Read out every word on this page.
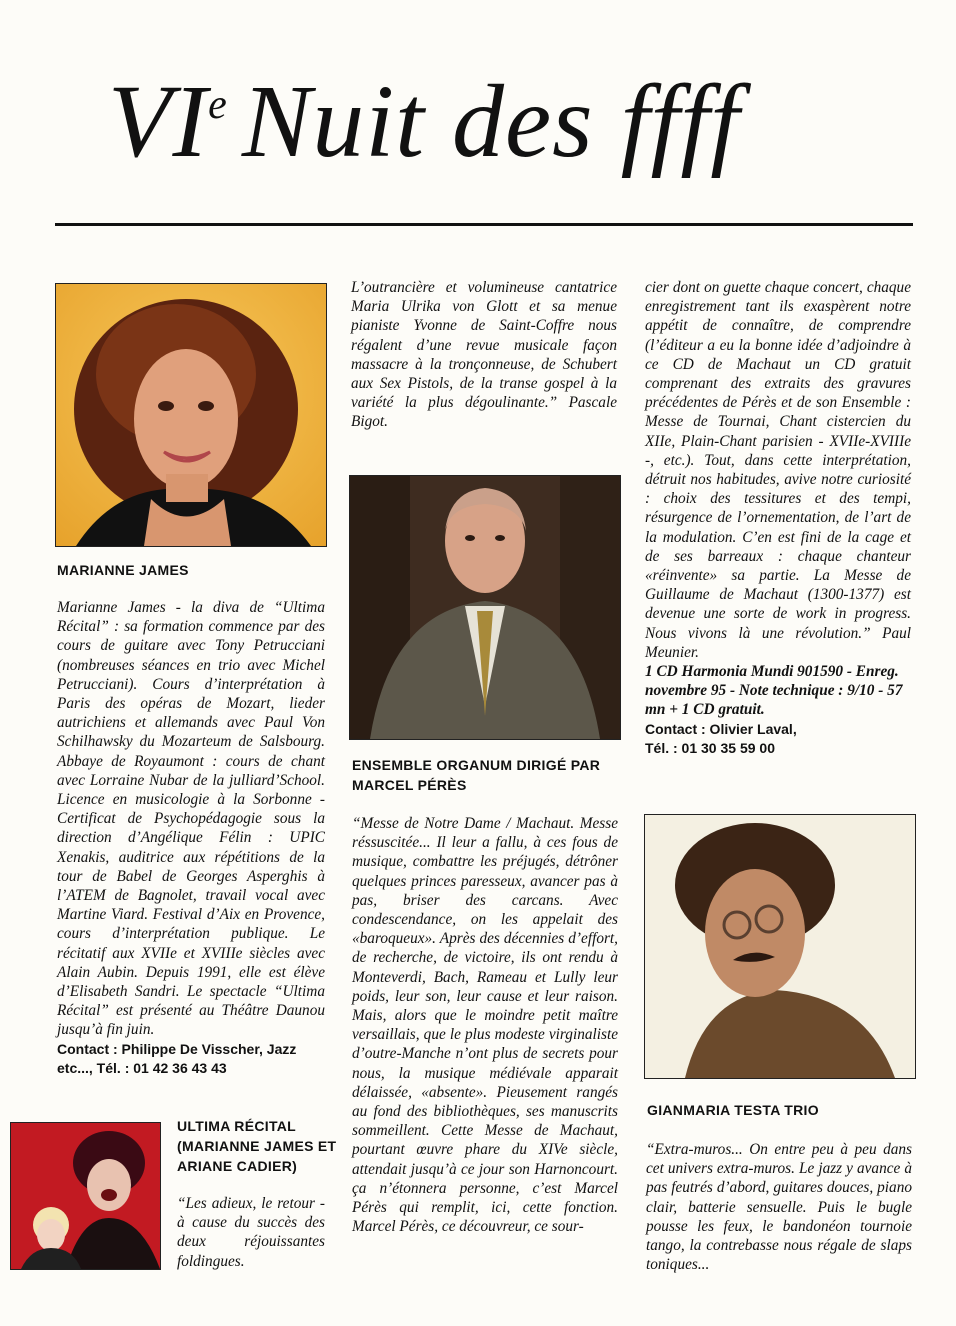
VIe Nuit des ffff
MARIANNE JAMES
Marianne James - la diva de “Ultima Récital” : sa formation commence par des cours de guitare avec Tony Petrucciani (nombreuses séances en trio avec Michel Petrucciani). Cours d’interprétation à Paris des opéras de Mozart, lieder autrichiens et allemands avec Paul Von Schilhawsky du Mozarteum de Salsbourg. Abbaye de Royaumont : cours de chant avec Lorraine Nubar de la julliard’School. Licence en musicologie à la Sorbonne - Certificat de Psychopédagogie sous la direction d’Angélique Félin : UPIC Xenakis, auditrice aux répétitions de la tour de Babel de Georges Asperghis à l’ATEM de Bagnolet, travail vocal avec Martine Viard. Festival d’Aix en Provence, cours d’interprétation publique. Le récitatif aux XVIIe et XVIIIe siècles avec Alain Aubin. Depuis 1991, elle est élève d’Elisabeth Sandri. Le spectacle “Ultima Récital” est présenté au Théâtre Daunou jusqu’à fin juin.
Contact : Philippe De Visscher, Jazz etc..., Tél. : 01 42 36 43 43
ULTIMA RÉCITAL (MARIANNE JAMES ET ARIANE CADIER)
“Les adieux, le retour - à cause du succès des deux réjouissantes foldingues.
L’outrancière et volumineuse cantatrice Maria Ulrika von Glott et sa menue pianiste Yvonne de Saint-Coffre nous régalent d’une revue musicale façon massacre à la tronçonneuse, de Schubert aux Sex Pistols, de la transe gospel à la variété la plus dégoulinante.” Pascale Bigot.
ENSEMBLE ORGANUM DIRIGÉ PAR MARCEL PÉRÈS
“Messe de Notre Dame / Machaut. Messe réssuscitée... Il leur a fallu, à ces fous de musique, combattre les préjugés, détrôner quelques princes paresseux, avancer pas à pas, briser des carcans. Avec condescendance, on les appelait des «baroqueux». Après des décennies d’effort, de recherche, de victoire, ils ont rendu à Monteverdi, Bach, Rameau et Lully leur poids, leur son, leur cause et leur raison. Mais, alors que le moindre petit maître versaillais, que le plus modeste virginaliste d’outre-Manche n’ont plus de secrets pour nous, la musique médiévale apparait délaissée, «absente». Pieusement rangés au fond des bibliothèques, ses manuscrits sommeillent. Cette Messe de Machaut, pourtant œuvre phare du XIVe siècle, attendait jusqu’à ce jour son Harnoncourt. ça n’étonnera personne, c’est Marcel Pérès qui remplit, ici, cette fonction. Marcel Pérès, ce découvreur, ce sour-
cier dont on guette chaque concert, chaque enregistrement tant ils exaspèrent notre appétit de connaître, de comprendre (l’éditeur a eu la bonne idée d’adjoindre à ce CD de Machaut un CD gratuit comprenant des extraits des gravures précédentes de Pérès et de son Ensemble : Messe de Tournai, Chant cistercien du XIIe, Plain-Chant parisien - XVIIe-XVIIIe -, etc.). Tout, dans cette interprétation, détruit nos habitudes, avive notre curiosité : choix des tessitures et des tempi, résurgence de l’ornementation, de l’art de la modulation. C’en est fini de la cage et de ses barreaux : chaque chanteur «réinvente» sa partie. La Messe de Guillaume de Machaut (1300-1377) est devenue une sorte de work in progress. Nous vivons là une révolution.” Paul Meunier.
1 CD Harmonia Mundi 901590 - Enreg. novembre 95 - Note technique : 9/10 - 57 mn + 1 CD gratuit.
Contact : Olivier Laval,
Tél. : 01 30 35 59 00
GIANMARIA TESTA TRIO
“Extra-muros... On entre peu à peu dans cet univers extra-muros. Le jazz y avance à pas feutrés d’abord, guitares douces, piano clair, batterie sensuelle. Puis le bugle pousse les feux, le bandonéon tournoie tango, la contrebasse nous régale de slaps toniques...
